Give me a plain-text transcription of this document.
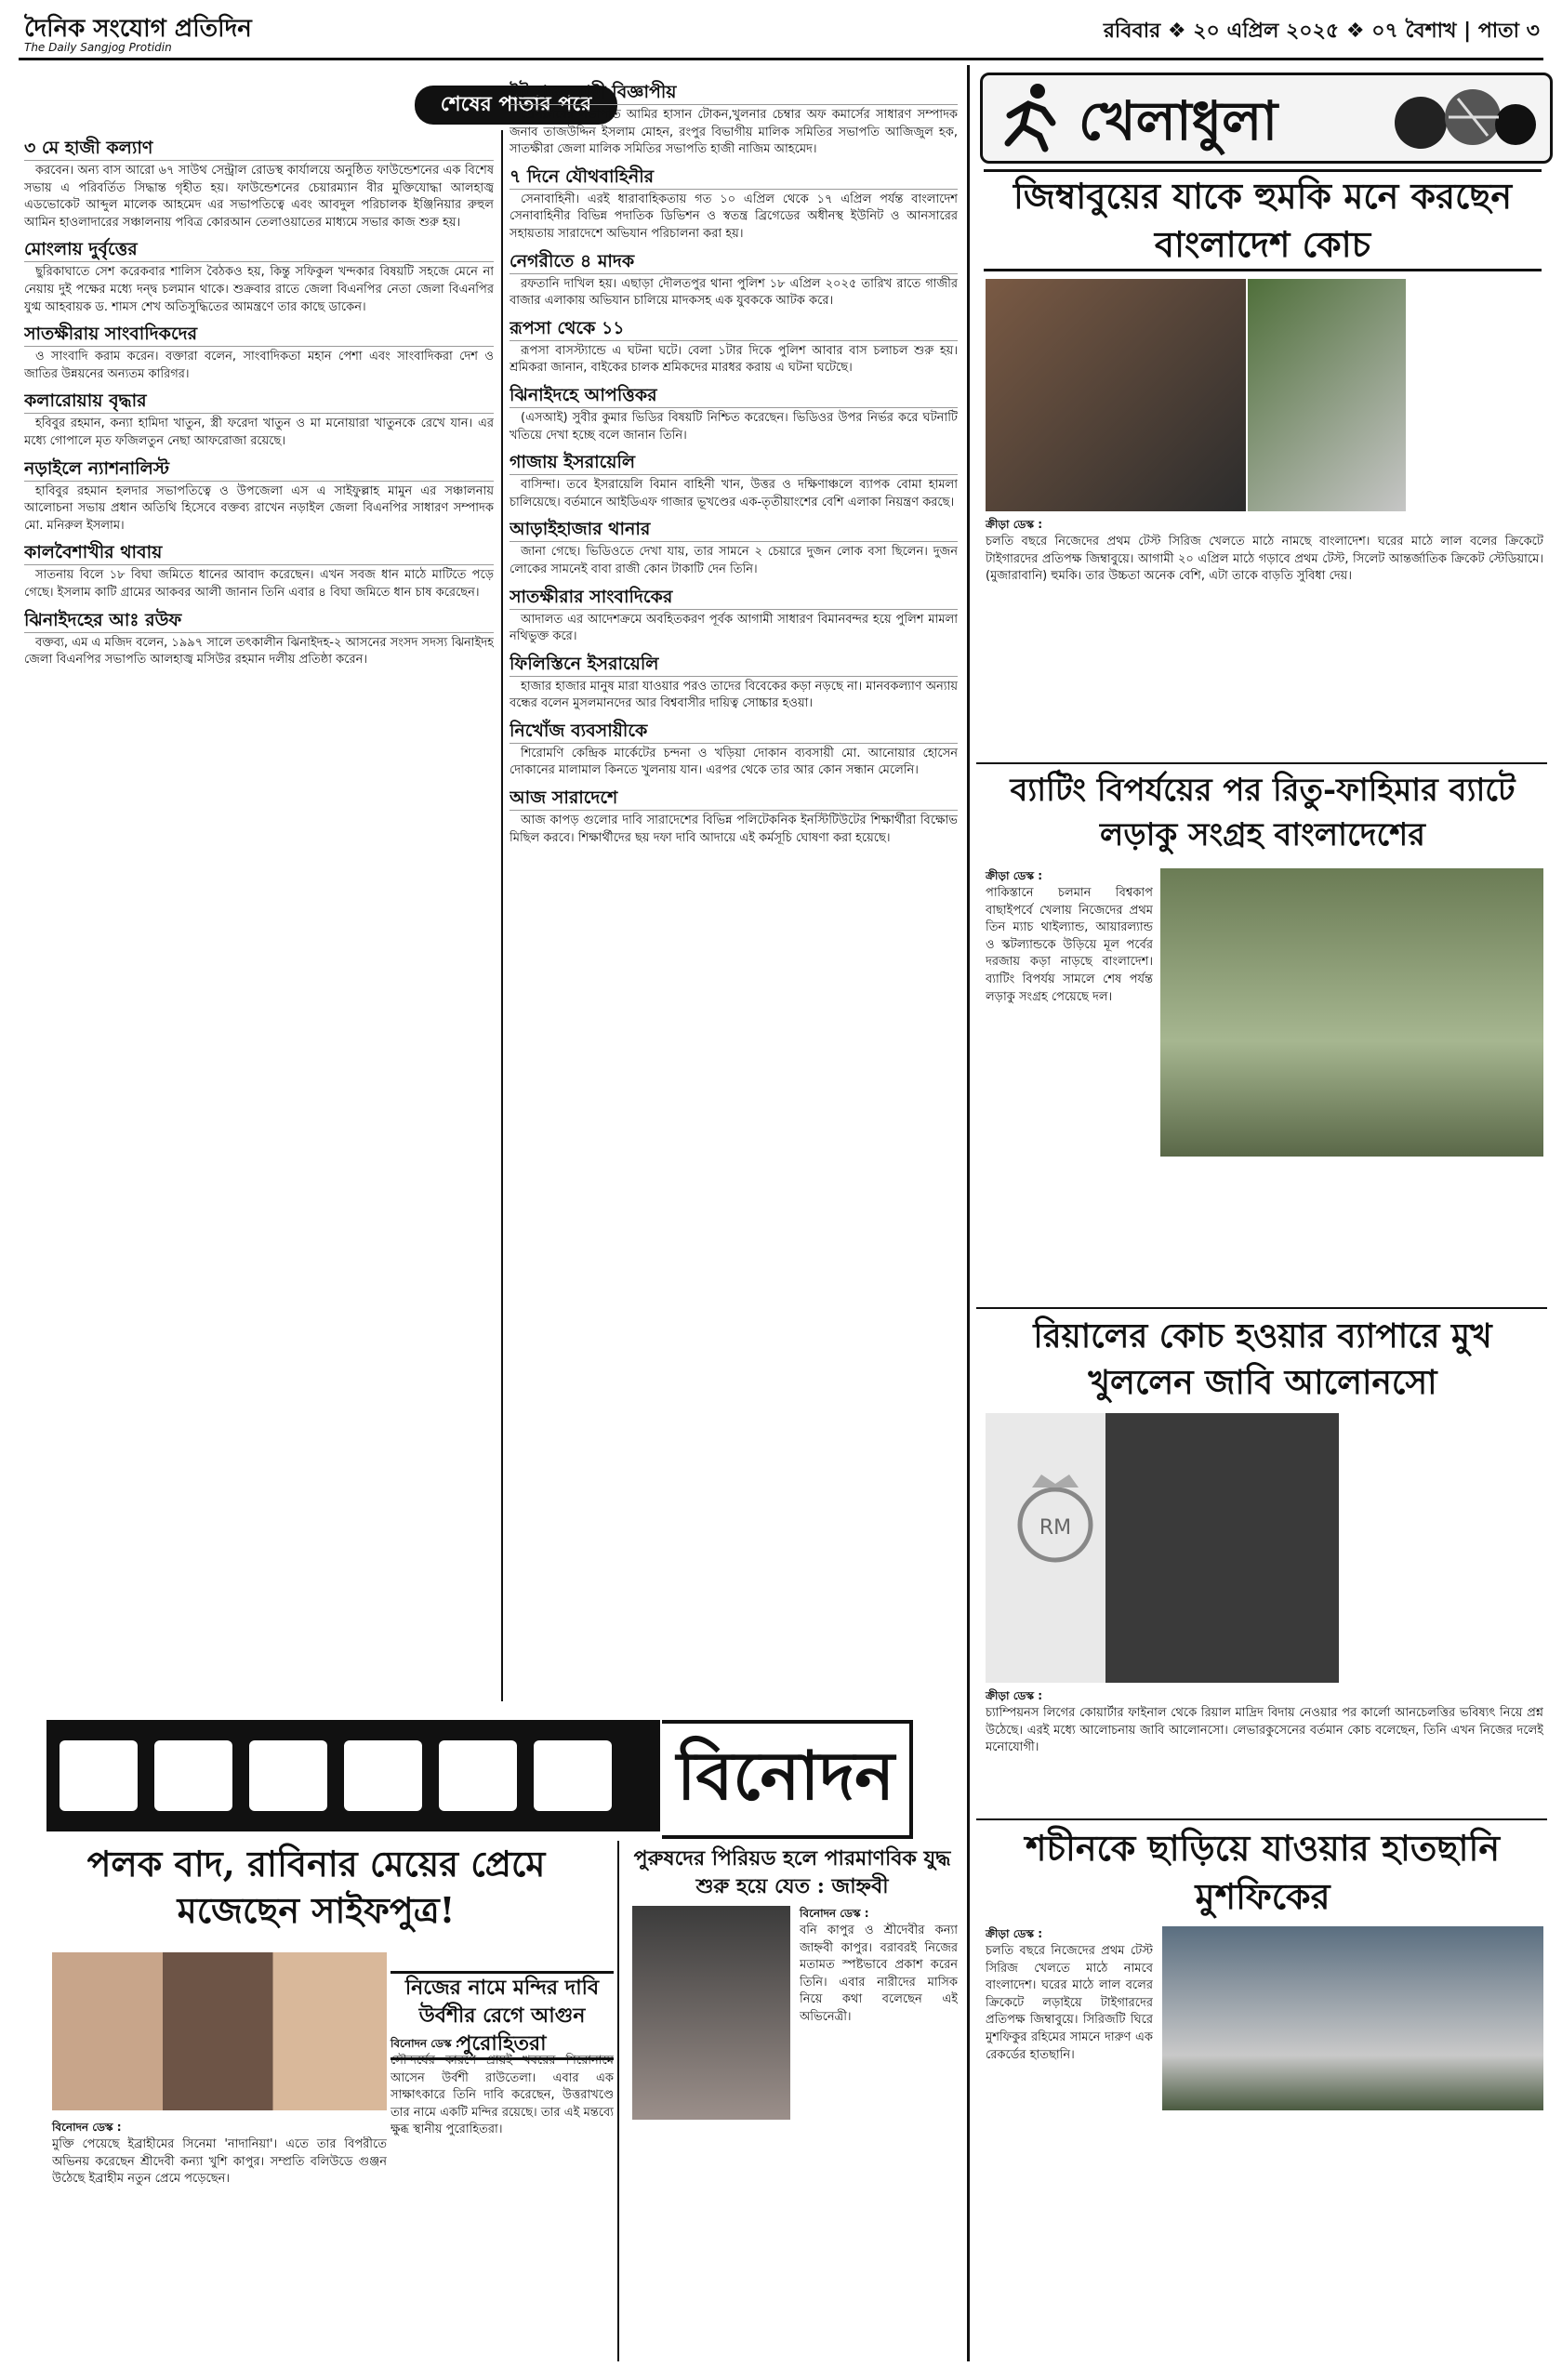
দৈনিক সংযোগ প্রতিদিন
The Daily Sangjog Protidin
রবিবার ❖ ২০ এপ্রিল ২০২৫ ❖ ০৭ বৈশাখ | পাতা ৩
শেষের পাতার পরে
৩ মে হাজী কল্যাণ

করবেন। অন্য বাস আরো ৬৭ সাউথ সেন্ট্রাল রোডস্থ কার্যালয়ে অনুষ্ঠিত ফাউন্ডেশনের এক বিশেষ সভায় এ পরিবর্তিত সিদ্ধান্ত গৃহীত হয়। ফাউন্ডেশনের চেয়ারম্যান বীর মুক্তিযোদ্ধা আলহাজ্ব এডভোকেট আব্দুল মালেক আহমেদ এর সভাপতিত্বে এবং আবদুল পরিচালক ইঞ্জিনিয়ার রুহুল আমিন হাওলাদারের সঞ্চালনায় পবিত্র কোরআন তেলাওয়াতের মাধ্যমে সভার কাজ শুরু হয়।

মোংলায় দুর্বৃত্তের

ছুরিকাঘাতে সেশ করেকবার শালিস বৈঠকও হয়, কিন্তু সফিকুল খন্দকার বিষয়টি সহজে মেনে না নেয়ায় দুই পক্ষের মধ্যে দন্দ্ব চলমান থাকে। শুক্রবার রাতে জেলা বিএনপির নেতা জেলা বিএনপির যুগ্ম আহবায়ক ড. শামস শেখ অতিসুদ্ধিতের আমন্ত্রণে তার কাছে ডাকেন।

সাতক্ষীরায় সাংবাদিকদের

ও সাংবাদি করাম করেন। বক্তারা বলেন, সাংবাদিকতা মহান পেশা এবং সাংবাদিকরা দেশ ও জাতির উন্নয়নের অন্যতম কারিগর।

কলারোয়ায় বৃদ্ধার

হবিবুর রহমান, কন্যা হামিদা খাতুন, স্ত্রী ফরেদা খাতুন ও মা মনোয়ারা খাতুনকে রেখে যান। এর মধ্যে গোপালে মৃত ফজিলতুন নেছা আফরোজা রয়েছে।

নড়াইলে ন্যাশনালিস্ট

হাবিবুর রহমান হলদার সভাপতিত্বে ও উপজেলা এস এ সাইফুল্লাহ মামুন এর সঞ্চালনায় আলোচনা সভায় প্রধান অতিথি হিসেবে বক্তব্য রাখেন নড়াইল জেলা বিএনপির সাধারণ সম্পাদক মো. মনিরুল ইসলাম।

কালবৈশাখীর থাবায়

সাতনায় বিলে ১৮ বিঘা জমিতে ধানের আবাদ করেছেন। এখন সবজ ধান মাঠে মাটিতে পড়ে গেছে। ইসলাম কাটি গ্রামের আকবর আলী জানান তিনি এবার ৪ বিঘা জমিতে ধান চাষ করেছেন।

ঝিনাইদহের আঃ রউফ

বক্তব্য, এম এ মজিদ বলেন, ১৯৯৭ সালে তৎকালীন ঝিনাইদহ-২ আসনের সংসদ সদস্য ঝিনাইদহ জেলা বিএনপির সভাপতি আলহাজ্ব মসিউর রহমান দলীয় প্রতিষ্ঠা করেন।

ইট প্রস্তুতকারী বিজ্ঞাপীয়

প্রেসক্লাবের সভাপতি আমির হাসান টোকন,খুলনার চেম্বার অফ কমার্সের সাধারণ সম্পাদক জনাব তাজউদ্দিন ইসলাম মোহন, রংপুর বিভাগীয় মালিক সমিতির সভাপতি আজিজুল হক, সাতক্ষীরা জেলা মালিক সমিতির সভাপতি হাজী নাজিম আহমেদ।

৭ দিনে যৌথবাহিনীর

সেনাবাহিনী। এরই ধারাবাহিকতায় গত ১০ এপ্রিল থেকে ১৭ এপ্রিল পর্যন্ত বাংলাদেশ সেনাবাহিনীর বিভিন্ন পদাতিক ডিভিশন ও স্বতন্ত্র ব্রিগেডের অধীনস্থ ইউনিট ও আনসারের সহায়তায় সারাদেশে অভিযান পরিচালনা করা হয়।

নেগরীতে ৪ মাদক

রফতানি দাখিল হয়। এছাড়া দৌলতপুর থানা পুলিশ ১৮ এপ্রিল ২০২৫ তারিখ রাতে গাজীর বাজার এলাকায় অভিযান চালিয়ে মাদকসহ এক যুবককে আটক করে।

রূপসা থেকে ১১

রূপসা বাসস্ট্যান্ডে এ ঘটনা ঘটে। বেলা ১টার দিকে পুলিশ আবার বাস চলাচল শুরু হয়। শ্রমিকরা জানান, বাইকের চালক শ্রমিকদের মারধর করায় এ ঘটনা ঘটেছে।

ঝিনাইদহে আপত্তিকর

(এসআই) সুবীর কুমার ভিডির বিষয়টি নিশ্চিত করেছেন। ভিডিওর উপর নির্ভর করে ঘটনাটি খতিয়ে দেখা হচ্ছে বলে জানান তিনি।

গাজায় ইসরায়েলি

বাসিন্দা। তবে ইসরায়েলি বিমান বাহিনী খান, উত্তর ও দক্ষিণাঞ্চলে ব্যাপক বোমা হামলা চালিয়েছে। বর্তমানে আইডিএফ গাজার ভূখণ্ডের এক-তৃতীয়াংশের বেশি এলাকা নিয়ন্ত্রণ করছে।

আড়াইহাজার থানার

জানা গেছে। ভিডিওতে দেখা যায়, তার সামনে ২ চেয়ারে দুজন লোক বসা ছিলেন। দুজন লোকের সামনেই বাবা রাজী কোন টাকাটি দেন তিনি।

সাতক্ষীরার সাংবাদিকের

আদালত এর আদেশক্রমে অবহিতকরণ পূর্বক আগামী সাধারণ বিমানবন্দর হয়ে পুলিশ মামলা নথিভুক্ত করে।

ফিলিস্তিনে ইসরায়েলি

হাজার হাজার মানুষ মারা যাওয়ার পরও তাদের বিবেকের কড়া নড়ছে না। মানবকল্যাণ অন্যায় বন্ধের বলেন মুসলমানদের আর বিশ্ববাসীর দায়িত্ব সোচ্চার হওয়া।

নিখোঁজ ব্যবসায়ীকে

শিরোমণি কেন্দ্রিক মার্কেটের চন্দনা ও খড়িয়া দোকান ব্যবসায়ী মো. আনোয়ার হোসেন দোকানের মালামাল কিনতে খুলনায় যান। এরপর থেকে তার আর কোন সন্ধান মেলেনি।

আজ সারাদেশে

আজ কাপড় গুলোর দাবি সারাদেশের বিভিন্ন পলিটেকনিক ইনস্টিটিউটের শিক্ষার্থীরা বিক্ষোভ মিছিল করবে। শিক্ষার্থীদের ছয় দফা দাবি আদায়ে এই কর্মসূচি ঘোষণা করা হয়েছে।

বিনোদন
পলক বাদ, রাবিনার মেয়ের প্রেমে মজেছেন সাইফপুত্র!
বিনোদন ডেস্ক :
মুক্তি পেয়েছে ইব্রাহীমের সিনেমা 'নাদানিয়া'। এতে তার বিপরীতে অভিনয় করেছেন শ্রীদেবী কন্যা খুশি কাপুর। সম্প্রতি বলিউডে গুঞ্জন উঠেছে ইব্রাহীম নতুন প্রেমে পড়েছেন।
নিজের নামে মন্দির দাবি উর্বশীর রেগে আগুন পুরোহিতরা
বিনোদন ডেস্ক :
সৌন্দর্যের কারণে প্রায়ই খবরের শিরোনামে আসেন উর্বশী রাউতেলা। এবার এক সাক্ষাৎকারে তিনি দাবি করেছেন, উত্তরাখণ্ডে তার নামে একটি মন্দির রয়েছে। তার এই মন্তব্যে ক্ষুব্ধ স্থানীয় পুরোহিতরা।
পুরুষদের পিরিয়ড হলে পারমাণবিক যুদ্ধ শুরু হয়ে যেত : জাহ্নবী
বিনোদন ডেস্ক :
বনি কাপুর ও শ্রীদেবীর কন্যা জাহ্নবী কাপুর। বরাবরই নিজের মতামত স্পষ্টভাবে প্রকাশ করেন তিনি। এবার নারীদের মাসিক নিয়ে কথা বলেছেন এই অভিনেত্রী।
খেলাধুলা
জিম্বাবুয়ের যাকে হুমকি মনে করছেন বাংলাদেশ কোচ
ক্রীড়া ডেস্ক :
চলতি বছরে নিজেদের প্রথম টেস্ট সিরিজ খেলতে মাঠে নামছে বাংলাদেশ। ঘরের মাঠে লাল বলের ক্রিকেটে টাইগারদের প্রতিপক্ষ জিম্বাবুয়ে। আগামী ২০ এপ্রিল মাঠে গড়াবে প্রথম টেস্ট, সিলেট আন্তর্জাতিক ক্রিকেট স্টেডিয়ামে। (মুজারাবানি) হুমকি। তার উচ্চতা অনেক বেশি, এটা তাকে বাড়তি সুবিধা দেয়।
ব্যাটিং বিপর্যয়ের পর রিতু-ফাহিমার ব্যাটে লড়াকু সংগ্রহ বাংলাদেশের
ক্রীড়া ডেস্ক :
পাকিস্তানে চলমান বিশ্বকাপ বাছাইপর্বে খেলায় নিজেদের প্রথম তিন ম্যাচ থাইল্যান্ড, আয়ারল্যান্ড ও স্কটল্যান্ডকে উড়িয়ে মূল পর্বের দরজায় কড়া নাড়ছে বাংলাদেশ। ব্যাটিং বিপর্যয় সামলে শেষ পর্যন্ত লড়াকু সংগ্রহ পেয়েছে দল।
রিয়ালের কোচ হওয়ার ব্যাপারে মুখ খুললেন জাবি আলোনসো
RM
ক্রীড়া ডেস্ক :
চ্যাম্পিয়নস লিগের কোয়ার্টার ফাইনাল থেকে রিয়াল মাদ্রিদ বিদায় নেওয়ার পর কার্লো আনচেলত্তির ভবিষ্যৎ নিয়ে প্রশ্ন উঠেছে। এরই মধ্যে আলোচনায় জাবি আলোনসো। লেভারকুসেনের বর্তমান কোচ বলেছেন, তিনি এখন নিজের দলেই মনোযোগী।
শচীনকে ছাড়িয়ে যাওয়ার হাতছানি মুশফিকের
ক্রীড়া ডেস্ক :
চলতি বছরে নিজেদের প্রথম টেস্ট সিরিজ খেলতে মাঠে নামবে বাংলাদেশ। ঘরের মাঠে লাল বলের ক্রিকেটে লড়াইয়ে টাইগারদের প্রতিপক্ষ জিম্বাবুয়ে। সিরিজটি ঘিরে মুশফিকুর রহিমের সামনে দারুণ এক রেকর্ডের হাতছানি।
